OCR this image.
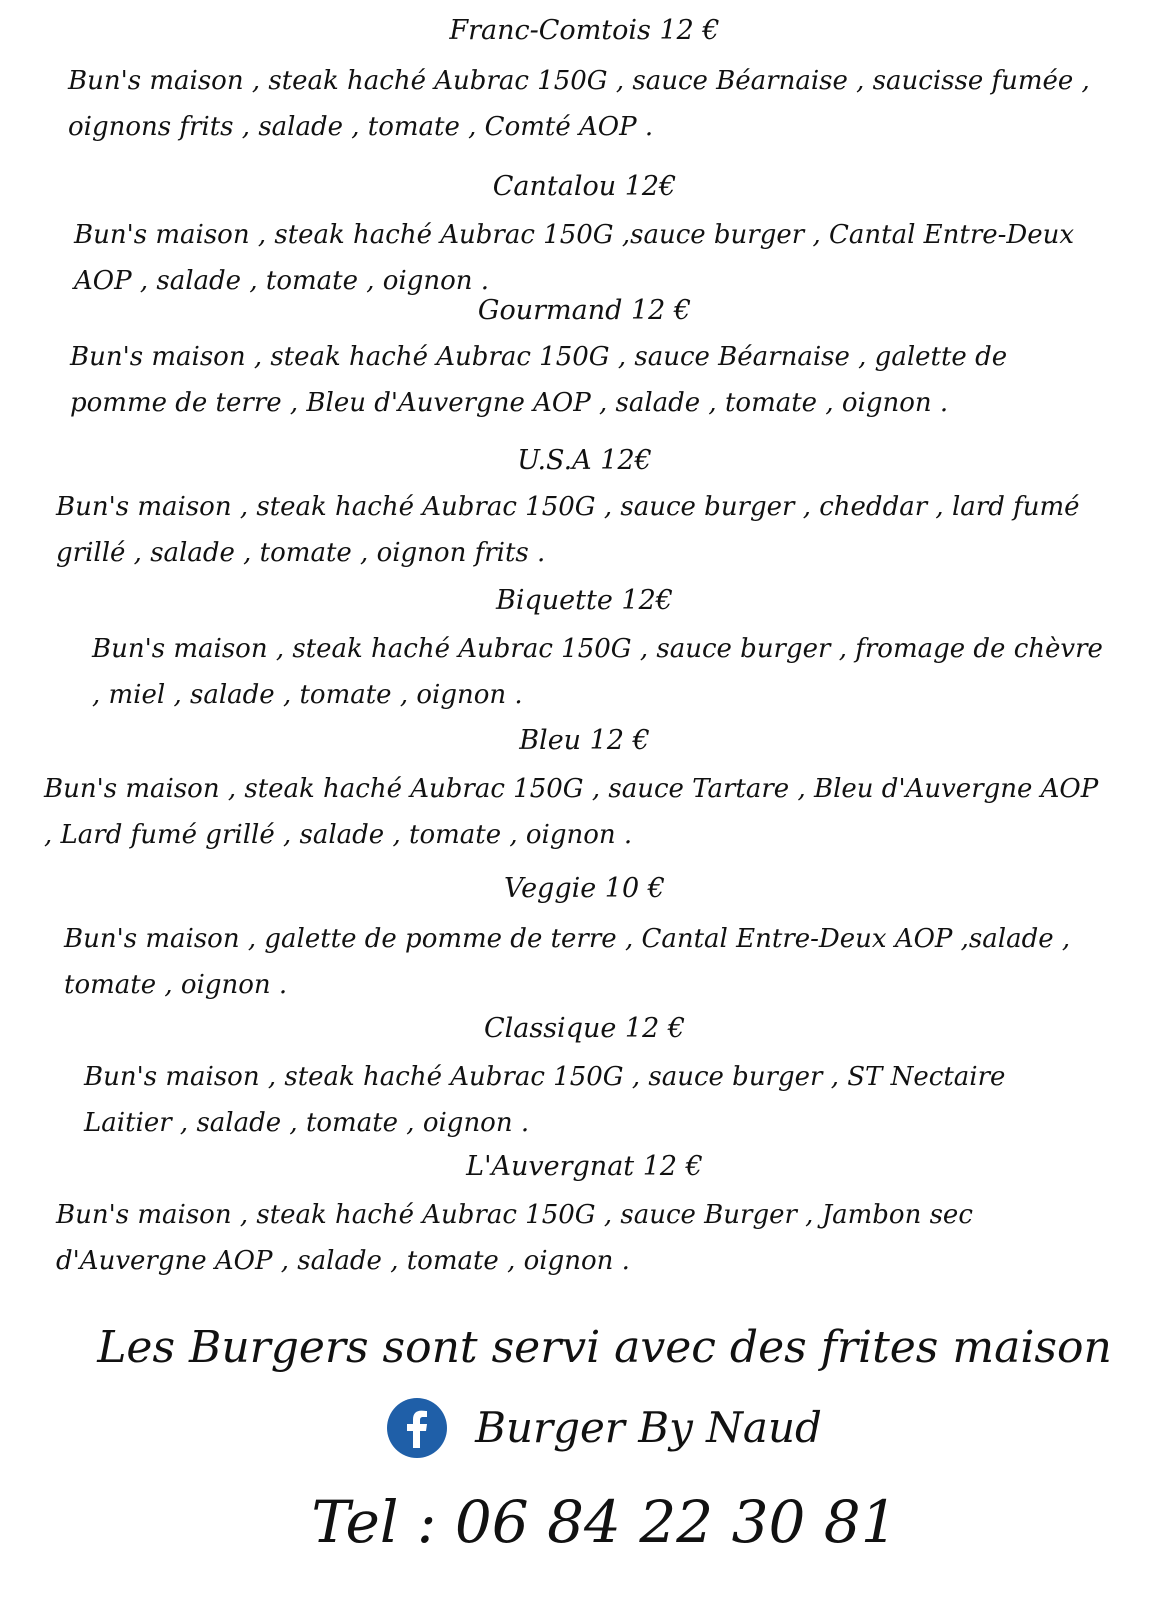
Franc-Comtois 12 €
Bun's maison , steak haché Aubrac 150G , sauce Béarnaise , saucisse fumée , oignons frits , salade , tomate , Comté AOP .
Cantalou 12€
Bun's maison , steak haché Aubrac 150G ,sauce burger , Cantal Entre-Deux AOP , salade , tomate , oignon .
Gourmand 12 €
Bun's maison , steak haché Aubrac 150G , sauce Béarnaise , galette de pomme de terre , Bleu d'Auvergne AOP , salade , tomate , oignon .
U.S.A 12€
Bun's maison , steak haché Aubrac 150G , sauce burger , cheddar , lard fumé grillé , salade , tomate , oignon frits .
Biquette 12€
Bun's maison , steak haché Aubrac 150G , sauce burger , fromage de chèvre , miel , salade , tomate , oignon .
Bleu 12 €
Bun's maison , steak haché Aubrac 150G , sauce Tartare , Bleu d'Auvergne AOP , Lard fumé grillé , salade , tomate , oignon .
Veggie 10 €
Bun's maison , galette de pomme de terre , Cantal Entre-Deux AOP ,salade , tomate , oignon .
Classique 12 €
Bun's maison , steak haché Aubrac 150G , sauce burger , ST Nectaire Laitier , salade , tomate , oignon .
L'Auvergnat 12 €
Bun's maison , steak haché Aubrac 150G , sauce Burger , Jambon sec d'Auvergne AOP , salade , tomate , oignon .
Les Burgers sont servi avec des frites maison
Burger By Naud
Tel : 06 84 22 30 81
